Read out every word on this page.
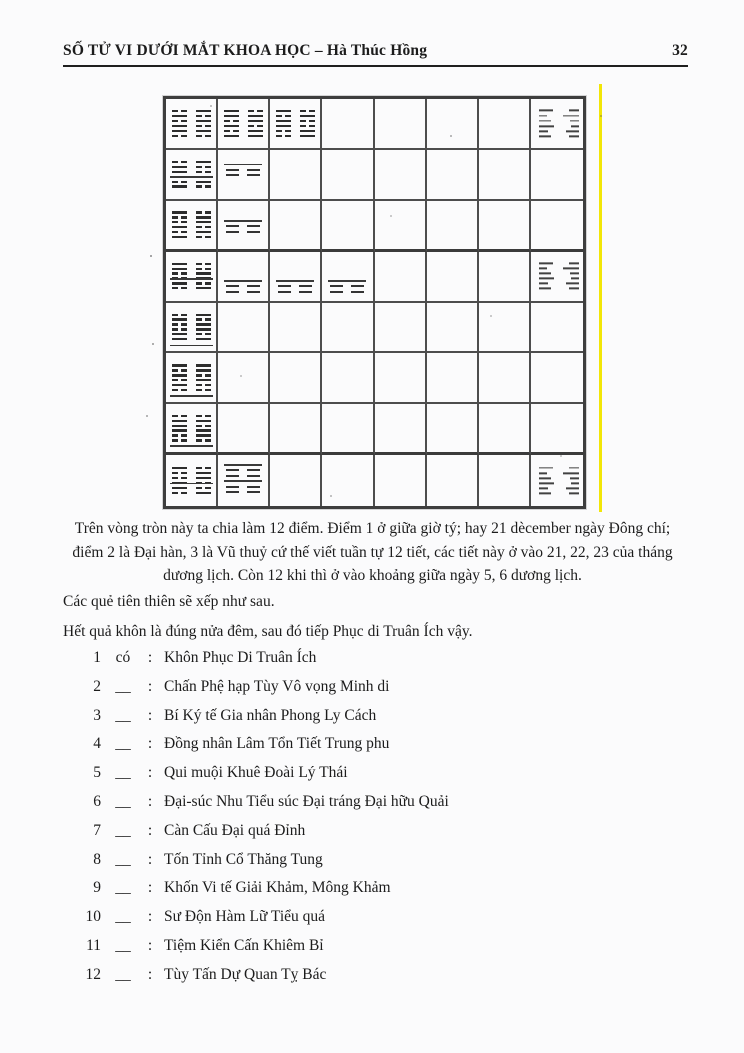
SỐ TỬ VI DƯỚI MẮT KHOA HỌC – Hà Thúc Hồng	32
Trên vòng tròn này ta chia làm 12 điểm. Điểm 1 ở giữa giờ tý; hay 21 dècember ngày Đông chí; điểm 2 là Đại hàn, 3 là Vũ thuỷ cứ thế viết tuần tự 12 tiết, các tiết này ở vào 21, 22, 23 của tháng dương lịch. Còn 12 khi thì ở vào khoảng giữa ngày 5, 6 dương lịch.
Các quẻ tiên thiên sẽ xếp như sau.
Hết quả khôn là đúng nửa đêm, sau đó tiếp Phục di Truân Ích vậy.
1 có	: Khôn Phục Di Truân Ích
2 __	: Chấn Phệ hạp Tùy Vô vọng Minh di
3 __	: Bí Ký tế Gia nhân Phong Ly Cách
4 __	: Đồng nhân Lâm Tổn Tiết Trung phu
5 __	: Qui muội Khuê Đoài Lý Thái
6 __	: Đại-súc Nhu Tiểu súc Đại tráng Đại hữu Quải
7 __	: Càn Cấu Đại quá Đỉnh
8 __	: Tốn Tỉnh Cổ Thăng Tung
9 __	: Khốn Vi tế Giải Khảm, Mông Khảm
10 __	: Sư Độn Hàm Lữ Tiểu quá
11 __	: Tiệm Kiển Cấn Khiêm Bỉ
12 __	: Tùy Tấn Dự Quan Tỵ Bác
